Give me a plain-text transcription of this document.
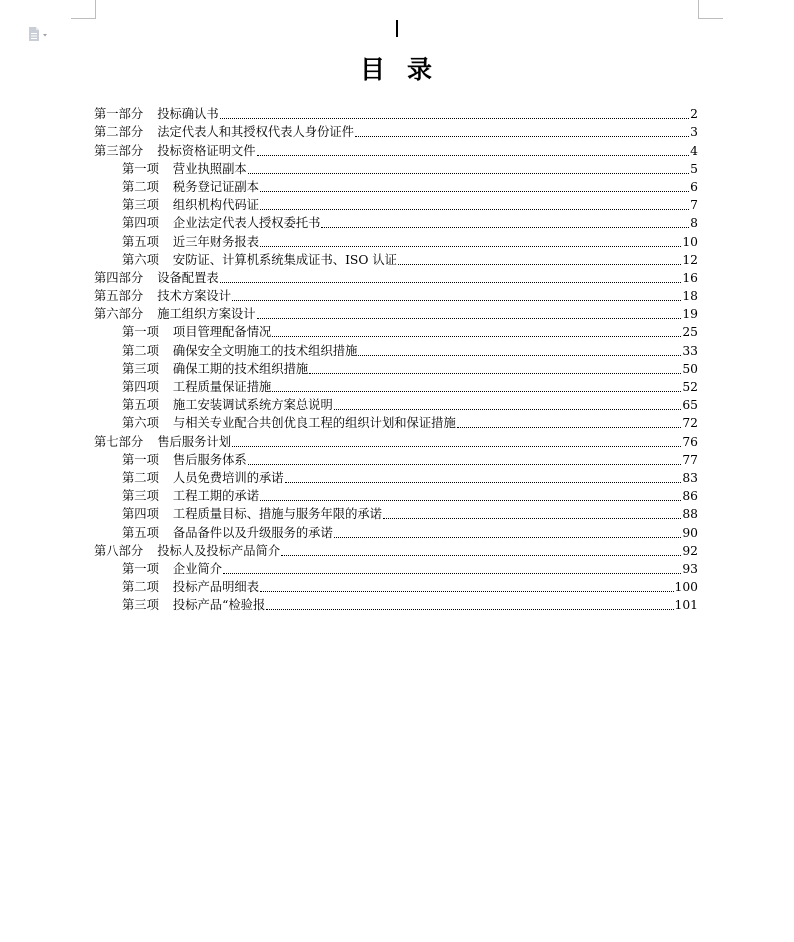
目 录
第一部分 投标确认书	2
第二部分 法定代表人和其授权代表人身份证件	3
第三部分 投标资格证明文件	4
第一项 营业执照副本	5
第二项 税务登记证副本	6
第三项 组织机构代码证	7
第四项 企业法定代表人授权委托书	8
第五项 近三年财务报表	10
第六项 安防证、计算机系统集成证书、ISO 认证	12
第四部分 设备配置表	16
第五部分 技术方案设计	18
第六部分 施工组织方案设计	19
第一项 项目管理配备情况	25
第二项 确保安全文明施工的技术组织措施	33
第三项 确保工期的技术组织措施	50
第四项 工程质量保证措施	52
第五项 施工安装调试系统方案总说明	65
第六项 与相关专业配合共创优良工程的组织计划和保证措施	72
第七部分 售后服务计划	76
第一项 售后服务体系	77
第二项 人员免费培训的承诺	83
第三项 工程工期的承诺	86
第四项 工程质量目标、措施与服务年限的承诺	88
第五项 备品备件以及升级服务的承诺	90
第八部分 投标人及投标产品简介	92
第一项 企业简介	93
第二项 投标产品明细表	100
第三项 投标产品“检验报	101
